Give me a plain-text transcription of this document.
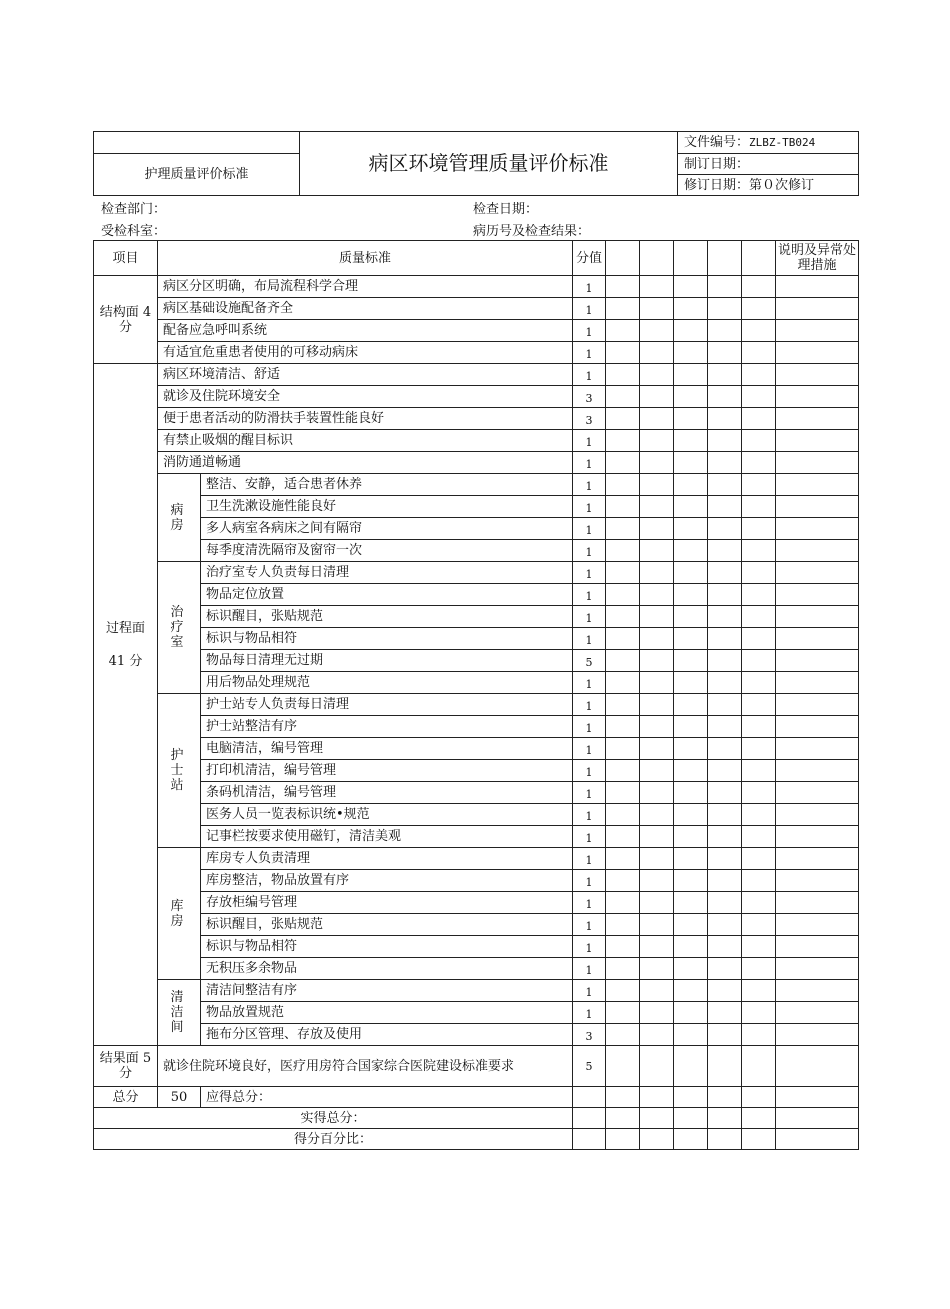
	病区环境管理质量评价标准	文件编号：ZLBZ-TB024
护理质量评价标准		制订日期：
		修订日期：第０次修订
检查部门：	检查日期：
受检科室：	病历号及检查结果：
项目	质量标准		分值						说明及异常处理措施
结构面 4 分	病区分区明确，布局流程科学合理		1						
	病区基础设施配备齐全		1						
	配备应急呼叫系统		1						
	有适宜危重患者使用的可移动病床		1						

过程面
41 分	病区环境清洁、舒适		1						
	就诊及住院环境安全		3						
	便于患者活动的防滑扶手装置性能良好		3						
	有禁止吸烟的醒目标识		1						
	消防通道畅通		1						
	病 房	整洁、安静，适合患者休养	1						
		卫生洗漱设施性能良好	1						
		多人病室各病床之间有隔帘	1						
		每季度清洗隔帘及窗帘一次	1						
	治 疗 室	治疗室专人负责每日清理	1						
		物品定位放置	1						
		标识醒目，张贴规范	1						
		标识与物品相符	1						
		物品每日清理无过期	5						
		用后物品处理规范	1						
	护 士 站	护士站专人负责每日清理	1						
		护士站整洁有序	1						
		电脑清洁，编号管理	1						
		打印机清洁，编号管理	1						
		条码机清洁，编号管理	1						
		医务人员一览表标识统•规范	1						
		记事栏按要求使用磁钉，清洁美观	1						
	库 房	库房专人负责清理	1						
		库房整洁，物品放置有序	1						
		存放柜编号管理	1						
		标识醒目，张贴规范	1						
		标识与物品相符	1						
		无积压多余物品	1						
	清 洁 间	清洁间整洁有序	1						
		物品放置规范	1						
		拖布分区管理、存放及使用	3						
结果面 5 分	就诊住院环境良好，医疗用房符合国家综合医院建设标准要求		5						
总分	50	应得总分：							
实得总分：									
得分百分比：									
